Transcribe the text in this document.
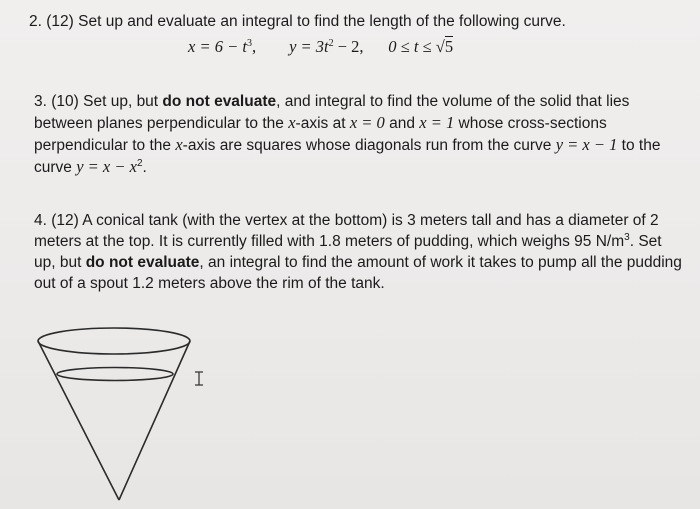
2. (12) Set up and evaluate an integral to find the length of the following curve.
$x = 6 - t^3$, $y = 3t^2 - 2$, 0 ≤ t ≤ √5
3. (10) Set up, but do not evaluate, and integral to find the volume of the solid that lies between planes perpendicular to the x-axis at x = 0 and x = 1 whose cross-sections perpendicular to the x-axis are squares whose diagonals run from the curve y = x − 1 to the curve $y = x - x^2$.
4. (12) A conical tank (with the vertex at the bottom) is 3 meters tall and has a diameter of 2 meters at the top. It is currently filled with 1.8 meters of pudding, which weighs 95 $N/m^3$. Set up, but do not evaluate, an integral to find the amount of work it takes to pump all the pudding out of a spout 1.2 meters above the rim of the tank.
